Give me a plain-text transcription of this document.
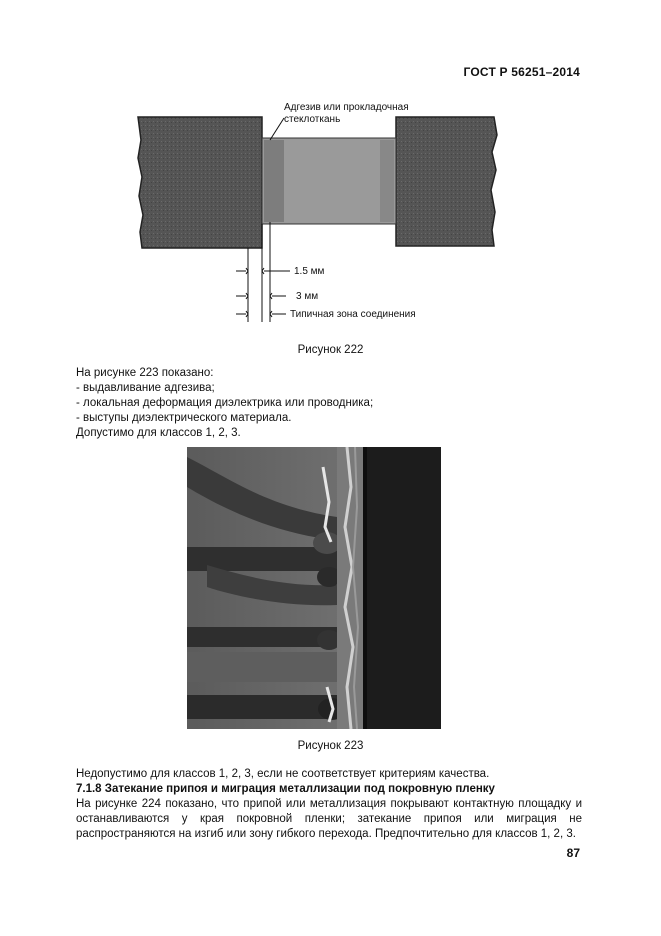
ГОСТ Р 56251–2014
Адгезив или прокладочная
стеклоткань
1.5 мм
3 мм
Типичная зона соединения
Рисунок 222

На рисунке 223 показано:

- выдавливание адгезива;

- локальная деформация диэлектрика или проводника;

- выступы диэлектрического материала.

Допустимо для классов 1, 2, 3.

Рисунок 223

Недопустимо для классов 1, 2, 3, если не соответствует критериям качества.

7.1.8 Затекание припоя и миграция металлизации под покровную пленку

На рисунке 224 показано, что припой или металлизация покрывают контактную площадку и останавливаются у края покровной пленки; затекание припоя или миграция не распространяются на изгиб или зону гибкого перехода. Предпочтительно для классов 1, 2, 3.

87
